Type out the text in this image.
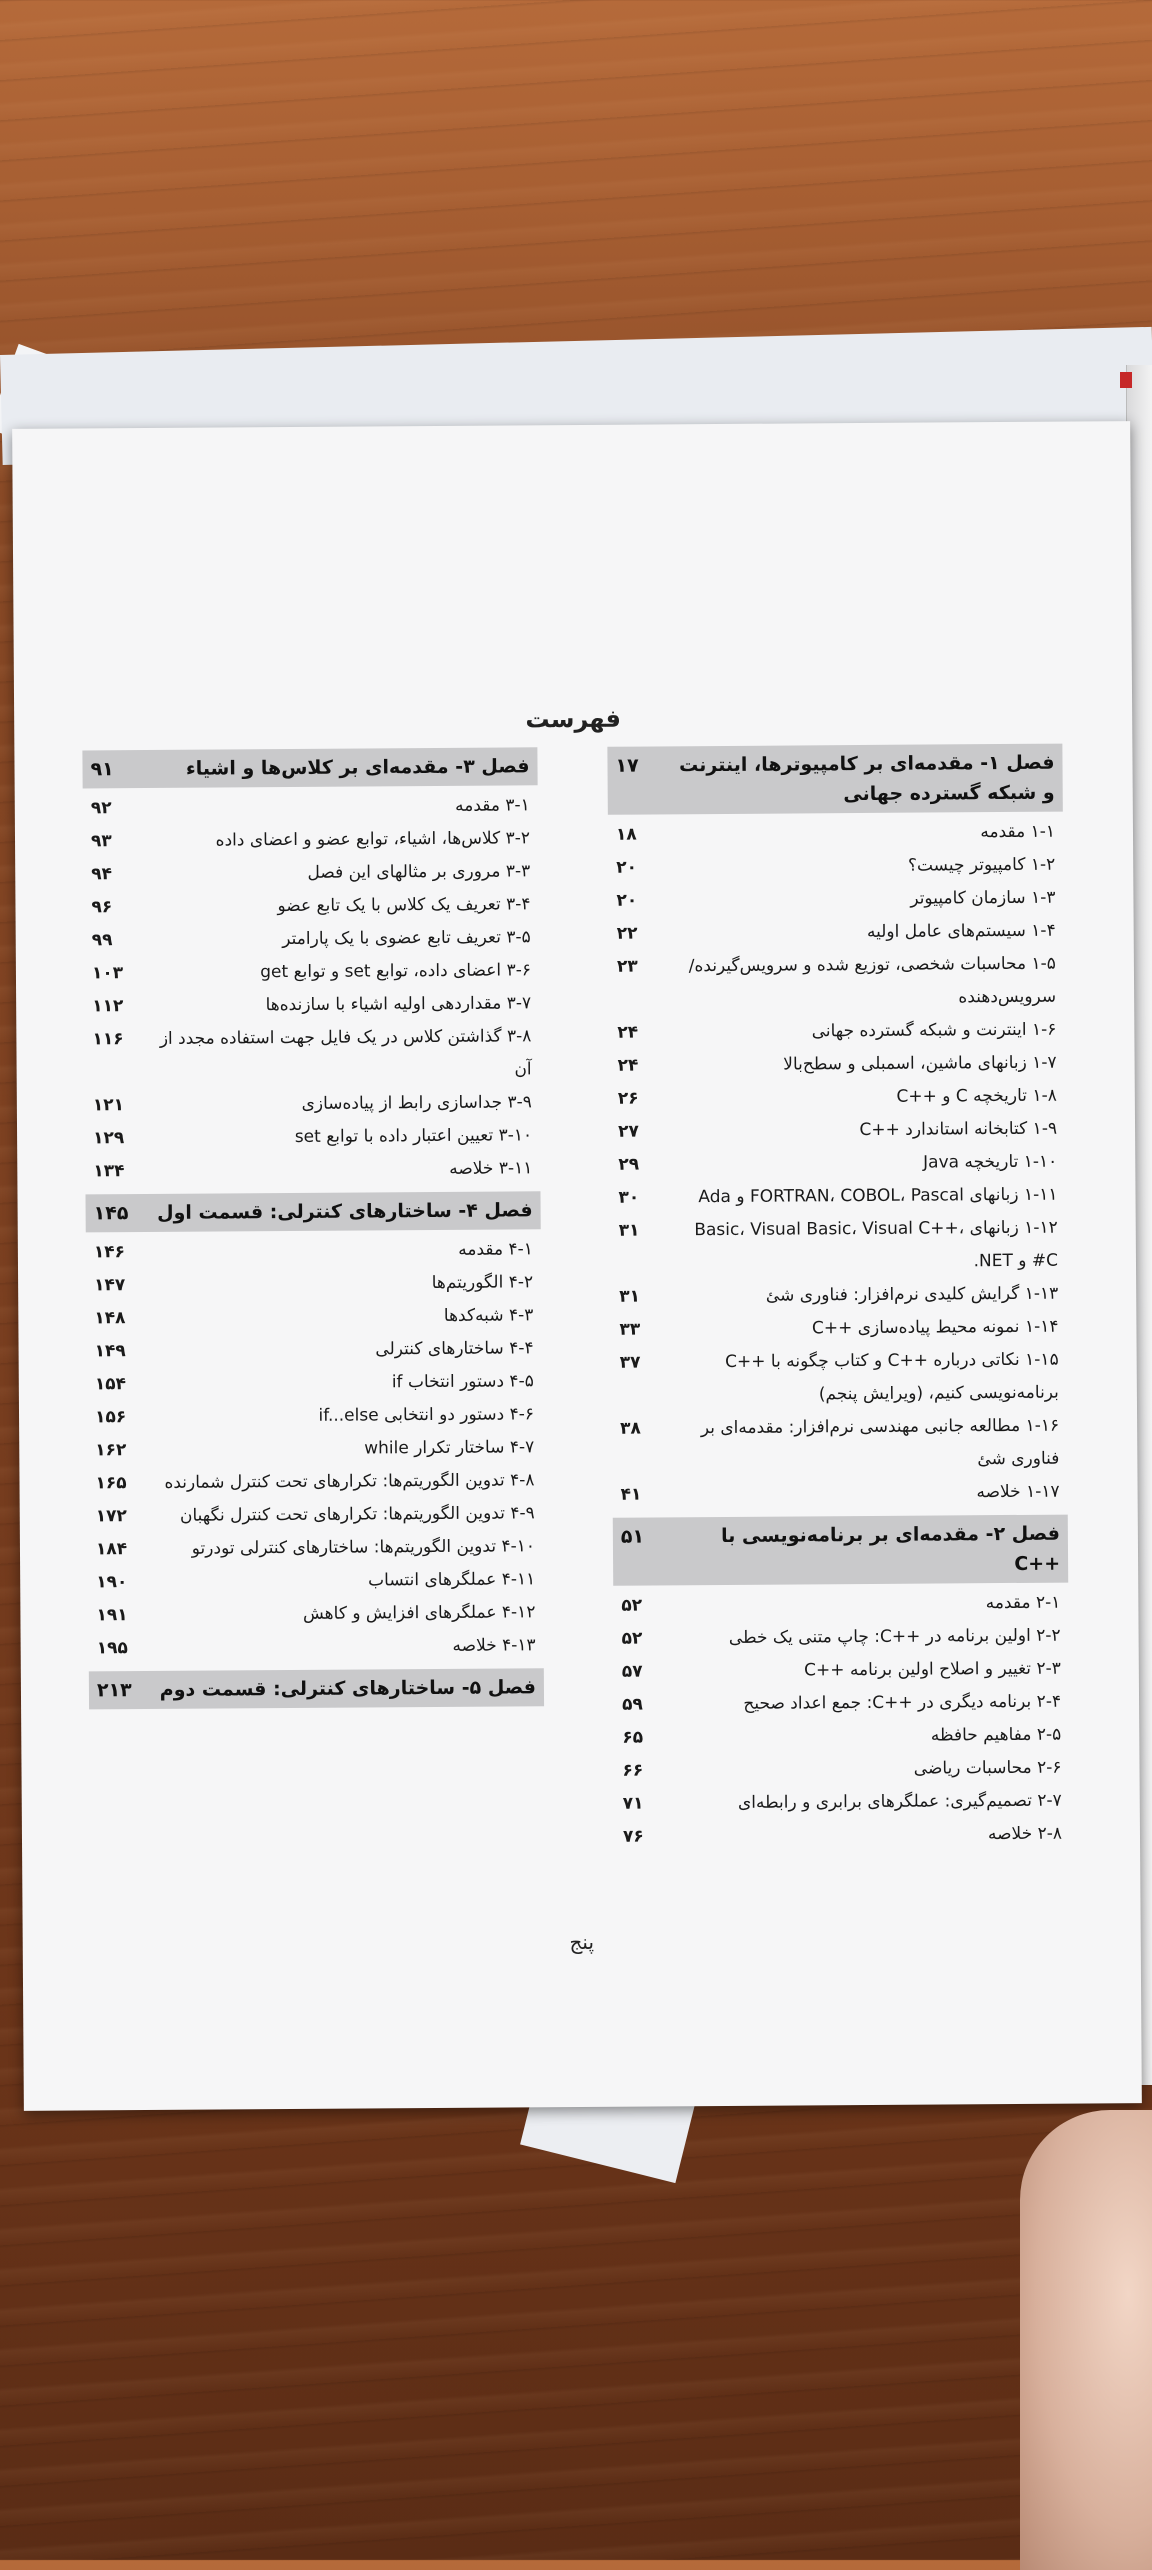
فهرست
فصل ۱- مقدمه‌ای بر کامپیوترها، اینترنت و شبکه گسترده جهانی
۱۷
۱-۱ مقدمه
۱۸
۱-۲ کامپیوتر چیست؟
۲۰
۱-۳ سازمان کامپیوتر
۲۰
۱-۴ سیستم‌های عامل اولیه
۲۲
۱-۵ محاسبات شخصی، توزیع شده و سرویس‌گیرنده/سرویس‌دهنده
۲۳
۱-۶ اینترنت و شبکه گسترده جهانی
۲۴
۱-۷ زبانهای ماشین، اسمبلی و سطح‌بالا
۲۴
۱-۸ تاریخچه C و ++C
۲۶
۱-۹ کتابخانه استاندارد ++C
۲۷
۱-۱۰ تاریخچه Java
۲۹
۱-۱۱ زبانهای FORTRAN، COBOL، Pascal و Ada
۳۰
۱-۱۲ زبانهای Basic، Visual Basic، Visual C++، C# و NET.
۳۱
۱-۱۳ گرایش کلیدی نرم‌افزار: فناوری شئ
۳۱
۱-۱۴ نمونه محیط پیاده‌سازی ++C
۳۳
۱-۱۵ نکاتی درباره ++C و کتاب چگونه با ++C برنامه‌نویسی کنیم، (ویرایش پنجم)
۳۷
۱-۱۶ مطالعه جانبی مهندسی نرم‌افزار: مقدمه‌ای بر فناوری شئ
۳۸
۱-۱۷ خلاصه
۴۱
فصل ۲- مقدمه‌ای بر برنامه‌نویسی با ++C
۵۱
۲-۱ مقدمه
۵۲
۲-۲ اولین برنامه در ++C: چاپ متنی یک خطی
۵۲
۲-۳ تغییر و اصلاح اولین برنامه ++C
۵۷
۲-۴ برنامه دیگری در ++C: جمع اعداد صحیح
۵۹
۲-۵ مفاهیم حافظه
۶۵
۲-۶ محاسبات ریاضی
۶۶
۲-۷ تصمیم‌گیری: عملگرهای برابری و رابطه‌ای
۷۱
۲-۸ خلاصه
۷۶
فصل ۳- مقدمه‌ای بر کلاس‌ها و اشیاء
۹۱
۳-۱ مقدمه
۹۲
۳-۲ کلاس‌ها، اشیاء، توابع عضو و اعضای داده
۹۳
۳-۳ مروری بر مثالهای این فصل
۹۴
۳-۴ تعریف یک کلاس با یک تابع عضو
۹۶
۳-۵ تعریف تابع عضوی با یک پارامتر
۹۹
۳-۶ اعضای داده، توابع set و توابع get
۱۰۳
۳-۷ مقداردهی اولیه اشیاء با سازنده‌ها
۱۱۲
۳-۸ گذاشتن کلاس در یک فایل جهت استفاده مجدد از آن
۱۱۶
۳-۹ جداسازی رابط از پیاده‌سازی
۱۲۱
۳-۱۰ تعیین اعتبار داده با توابع set
۱۲۹
۳-۱۱ خلاصه
۱۳۴
فصل ۴- ساختارهای کنترلی: قسمت اول
۱۴۵
۴-۱ مقدمه
۱۴۶
۴-۲ الگوریتم‌ها
۱۴۷
۴-۳ شبه‌کدها
۱۴۸
۴-۴ ساختارهای کنترلی
۱۴۹
۴-۵ دستور انتخاب if
۱۵۴
۴-۶ دستور دو انتخابی if...else
۱۵۶
۴-۷ ساختار تکرار while
۱۶۲
۴-۸ تدوین الگوریتم‌ها: تکرارهای تحت کنترل شمارنده
۱۶۵
۴-۹ تدوین الگوریتم‌ها: تکرارهای تحت کنترل نگهبان
۱۷۲
۴-۱۰ تدوین الگوریتم‌ها: ساختارهای کنترلی تودرتو
۱۸۴
۴-۱۱ عملگرهای انتساب
۱۹۰
۴-۱۲ عملگرهای افزایش و کاهش
۱۹۱
۴-۱۳ خلاصه
۱۹۵
فصل ۵- ساختارهای کنترلی: قسمت دوم
۲۱۳
پنج
